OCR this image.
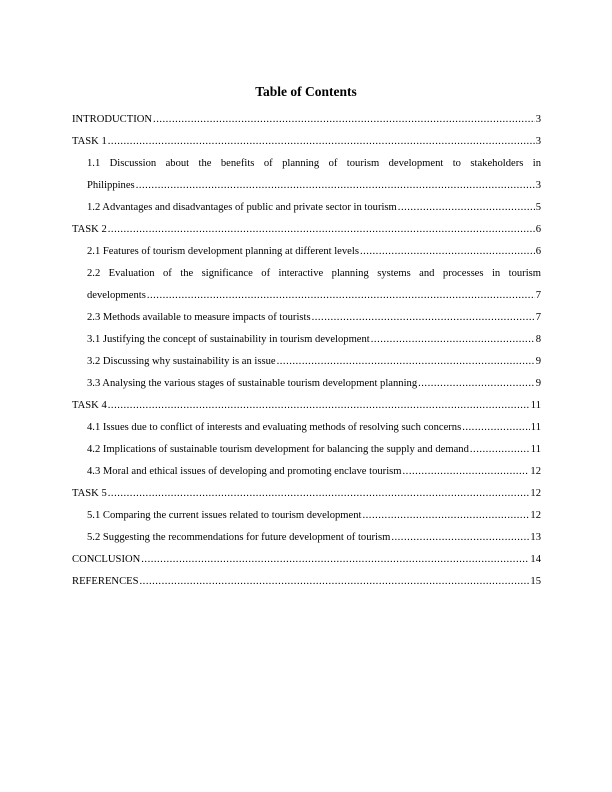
Table of Contents
INTRODUCTION .....	3
TASK 1 .....	3
1.1 Discussion about the benefits of planning of tourism development to stakeholders in
Philippines .....	3
1.2 Advantages and disadvantages of public and private sector in tourism .....	5
TASK 2 .....	6
2.1 Features of tourism development planning at different levels .....	6
2.2 Evaluation of the significance of interactive planning systems and processes in tourism
developments .....	7
2.3 Methods available to measure impacts of tourists .....	7
3.1 Justifying the concept of sustainability in tourism development .....	8
3.2 Discussing why sustainability is an issue .....	9
3.3 Analysing the various stages of sustainable tourism development planning .....	9
TASK 4 .....	11
4.1 Issues due to conflict of interests and evaluating methods of resolving such concerns .....	11
4.2 Implications of sustainable tourism development for balancing the supply and demand .....	11
4.3 Moral and ethical issues of developing and promoting enclave tourism .....	12
TASK 5 .....	12
5.1 Comparing the current issues related to tourism development .....	12
5.2 Suggesting the recommendations for future development of tourism .....	13
CONCLUSION .....	14
REFERENCES .....	15
